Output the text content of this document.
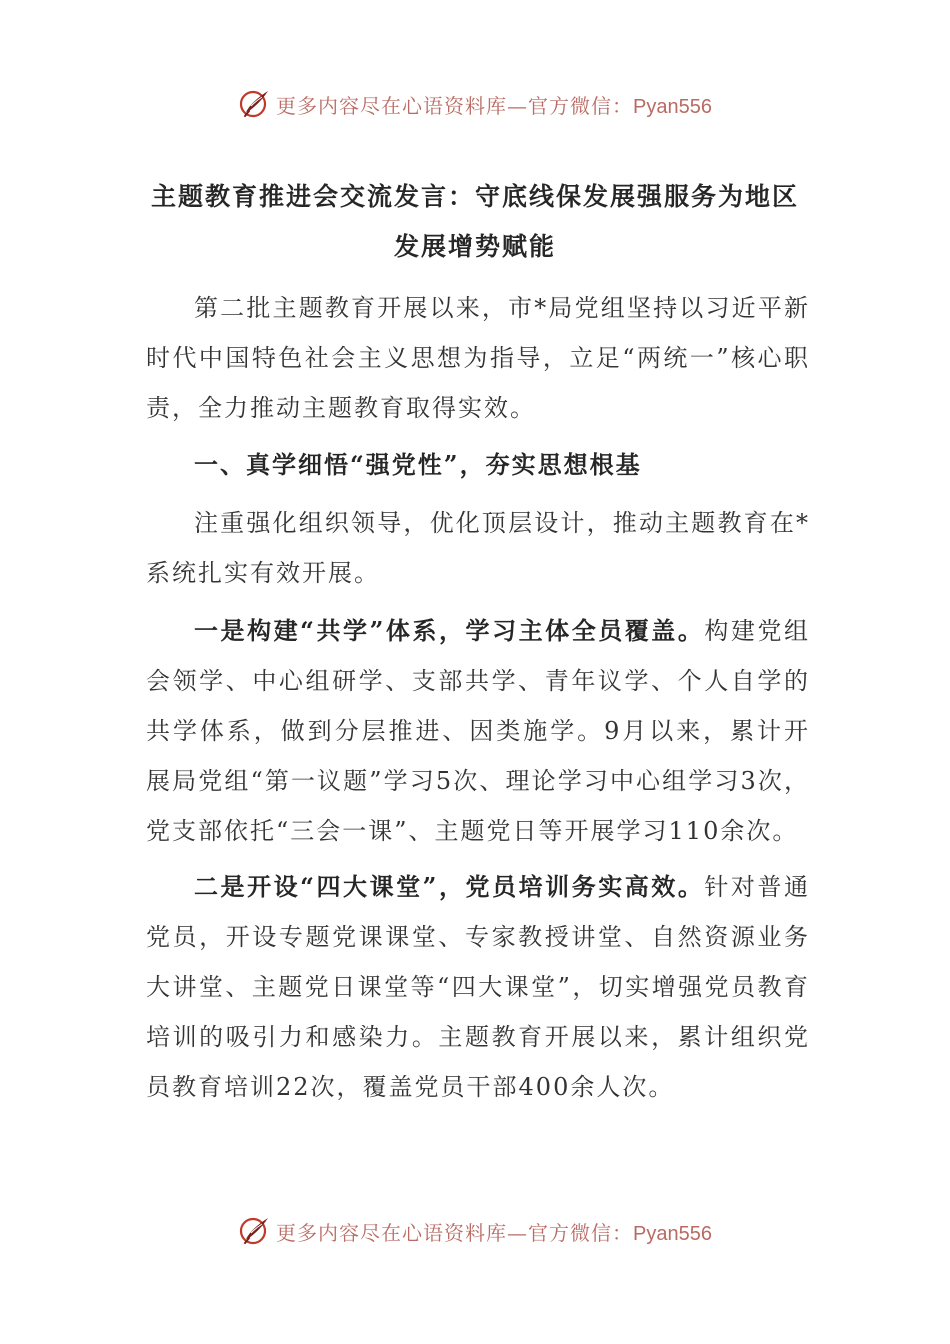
更多内容尽在心语资料库—官方微信：Pyan556
主题教育推进会交流发言：守底线保发展强服务为地区发展增势赋能

第二批主题教育开展以来，市*局党组坚持以习近平新时代中国特色社会主义思想为指导，立足“两统一”核心职责，全力推动主题教育取得实效。

一、真学细悟“强党性”，夯实思想根基

注重强化组织领导，优化顶层设计，推动主题教育在*系统扎实有效开展。

一是构建“共学”体系，学习主体全员覆盖。构建党组会领学、中心组研学、支部共学、青年议学、个人自学的共学体系，做到分层推进、因类施学。9月以来，累计开展局党组“第一议题”学习5次、理论学习中心组学习3次，党支部依托“三会一课”、主题党日等开展学习110余次。

二是开设“四大课堂”，党员培训务实高效。针对普通党员，开设专题党课课堂、专家教授讲堂、自然资源业务大讲堂、主题党日课堂等“四大课堂”，切实增强党员教育培训的吸引力和感染力。主题教育开展以来，累计组织党员教育培训22次，覆盖党员干部400余人次。

更多内容尽在心语资料库—官方微信：Pyan556
